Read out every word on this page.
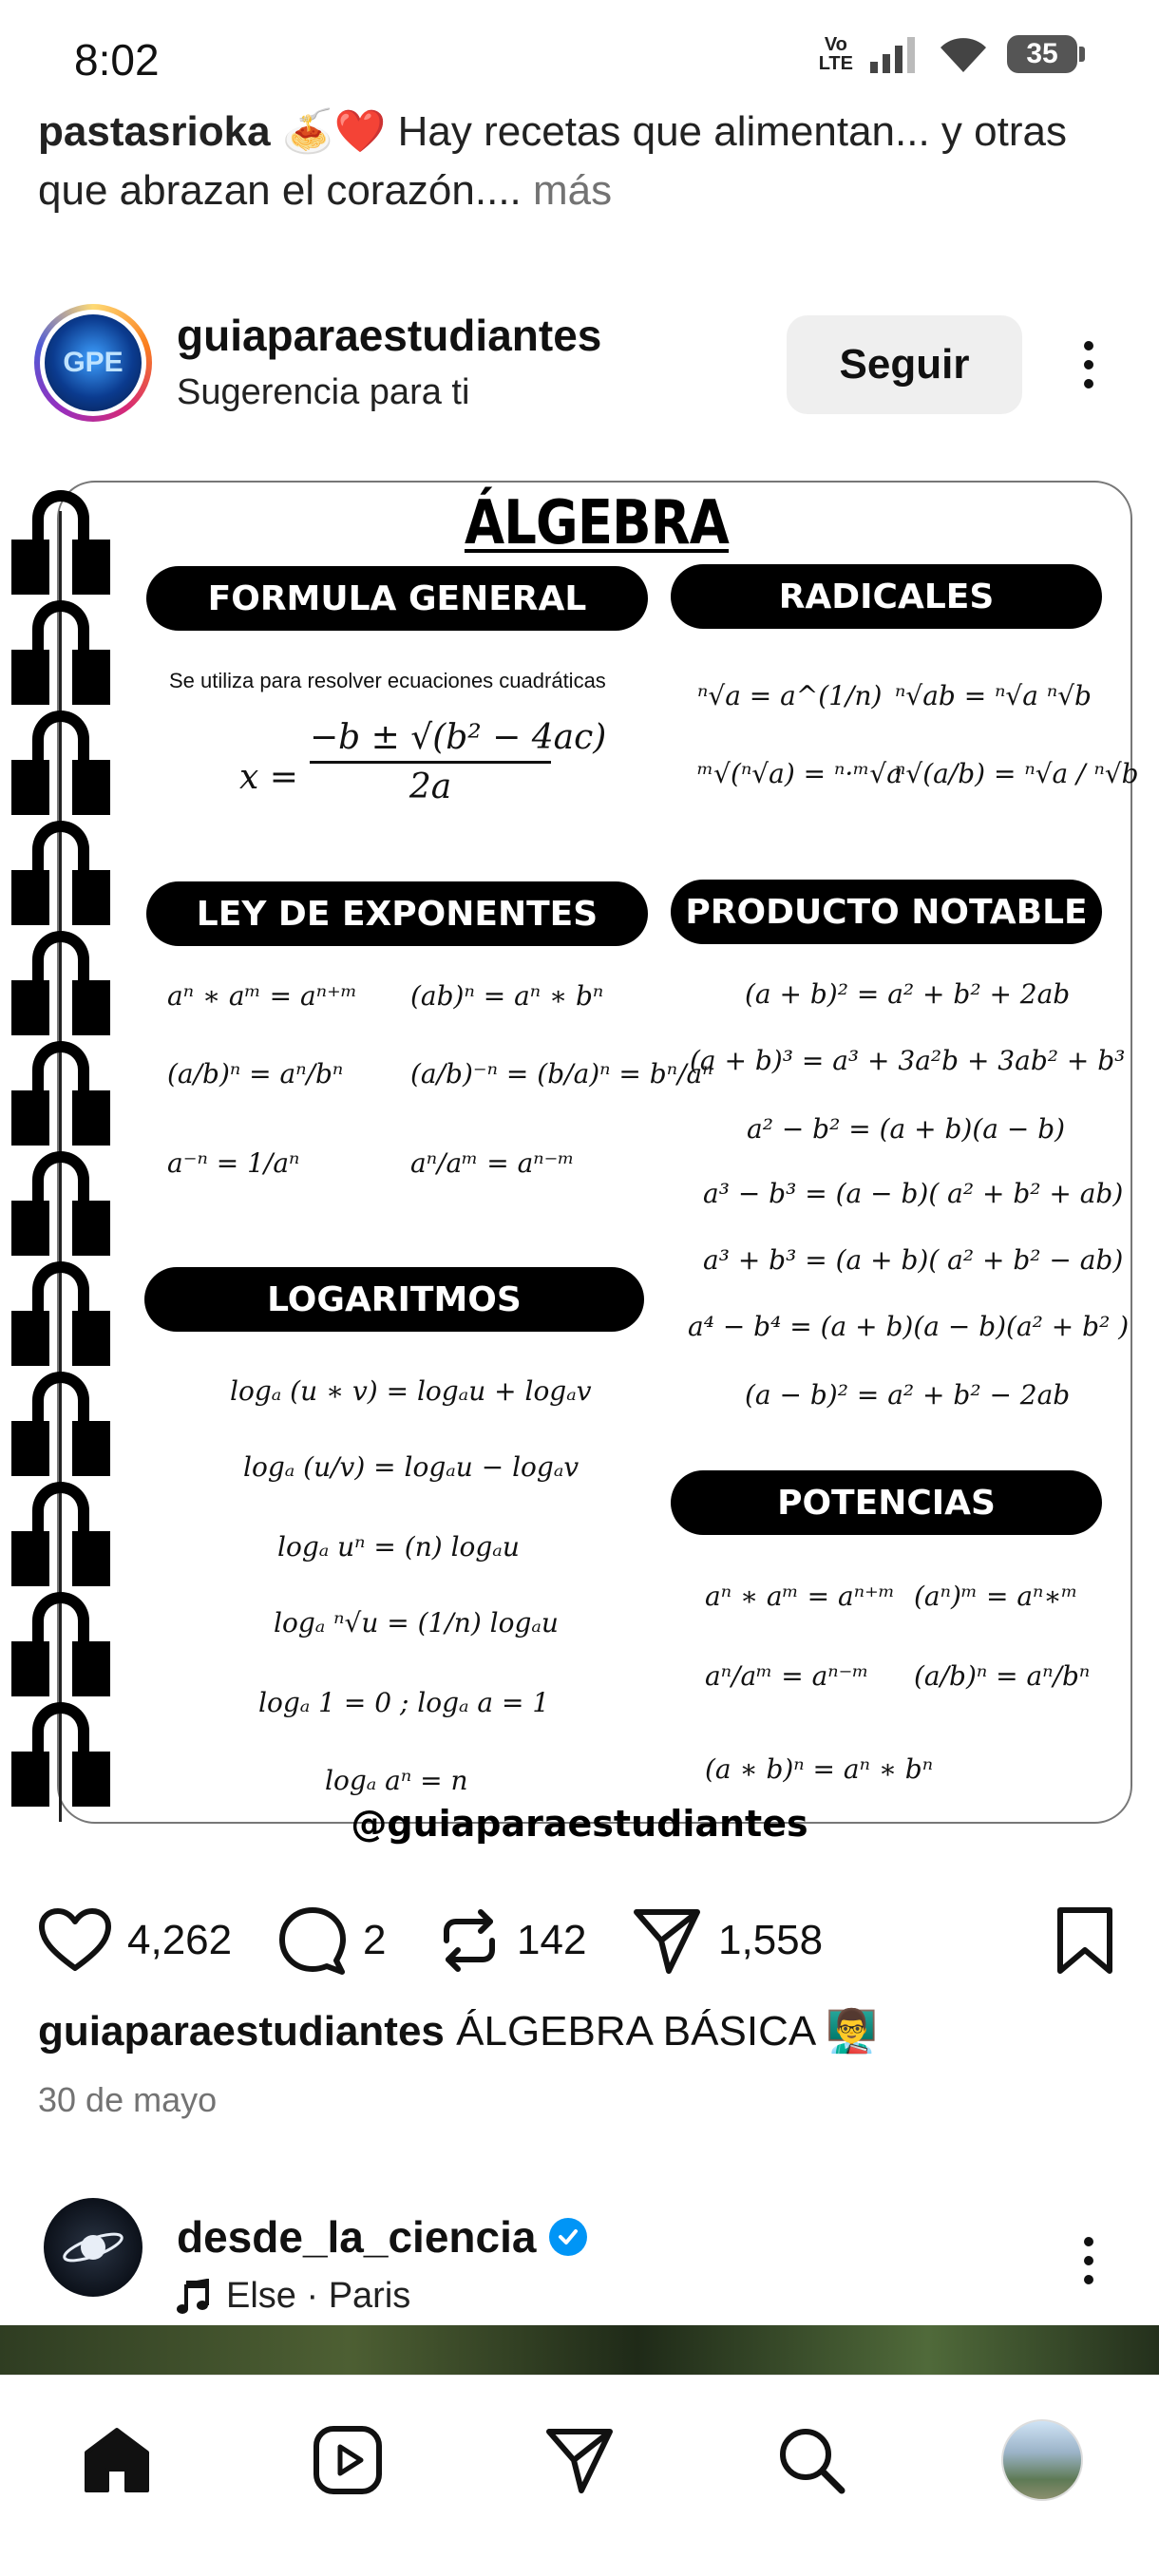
8:02	Vo
LTE	35
pastasrioka 🍝❤️ Hay recetas que alimentan... y otras que abrazan el corazón.... más
GPE
guiaparaestudiantes
Sugerencia para ti
Seguir
ÁLGEBRA
FORMULA GENERAL
Se utiliza para resolver ecuaciones cuadráticas
x =
−b ± √(b² − 4ac)
2a
RADICALES
ⁿ√a = a^(1/n) ⁿ√ab = ⁿ√a ⁿ√b
ᵐ√(ⁿ√a) = ⁿ·ᵐ√a
ⁿ√(a/b) = ⁿ√a / ⁿ√b
LEY DE EXPONENTES
aⁿ ∗ aᵐ = aⁿ⁺ᵐ (ab)ⁿ = aⁿ ∗ bⁿ
(a/b)ⁿ = aⁿ/bⁿ	(a/b)⁻ⁿ = (b/a)ⁿ = bⁿ/aⁿ
a⁻ⁿ = 1/aⁿ	aⁿ/aᵐ = aⁿ⁻ᵐ
PRODUCTO NOTABLE
(a + b)² = a² + b² + 2ab
(a + b)³ = a³ + 3a²b + 3ab² + b³
a² − b² = (a + b)(a − b)
a³ − b³ = (a − b)( a² + b² + ab)
a³ + b³ = (a + b)( a² + b² − ab)
a⁴ − b⁴ = (a + b)(a − b)(a² + b² )
(a − b)² = a² + b² − 2ab
LOGARITMOS
logₐ (u ∗ v) = logₐu + logₐv
logₐ (u/v) = logₐu − logₐv
logₐ uⁿ = (n) logₐu
logₐ ⁿ√u = (1/n) logₐu
logₐ 1 = 0 ; logₐ a = 1
logₐ aⁿ = n
POTENCIAS
aⁿ ∗ aᵐ = aⁿ⁺ᵐ (aⁿ)ᵐ = aⁿ∗ᵐ
aⁿ/aᵐ = aⁿ⁻ᵐ (a/b)ⁿ = aⁿ/bⁿ
(a ∗ b)ⁿ = aⁿ ∗ bⁿ
@guiaparaestudiantes
4,262	2	142	1,558
guiaparaestudiantes ÁLGEBRA BÁSICA 👨‍🏫
30 de mayo
desde_la_ciencia
Else · Paris
